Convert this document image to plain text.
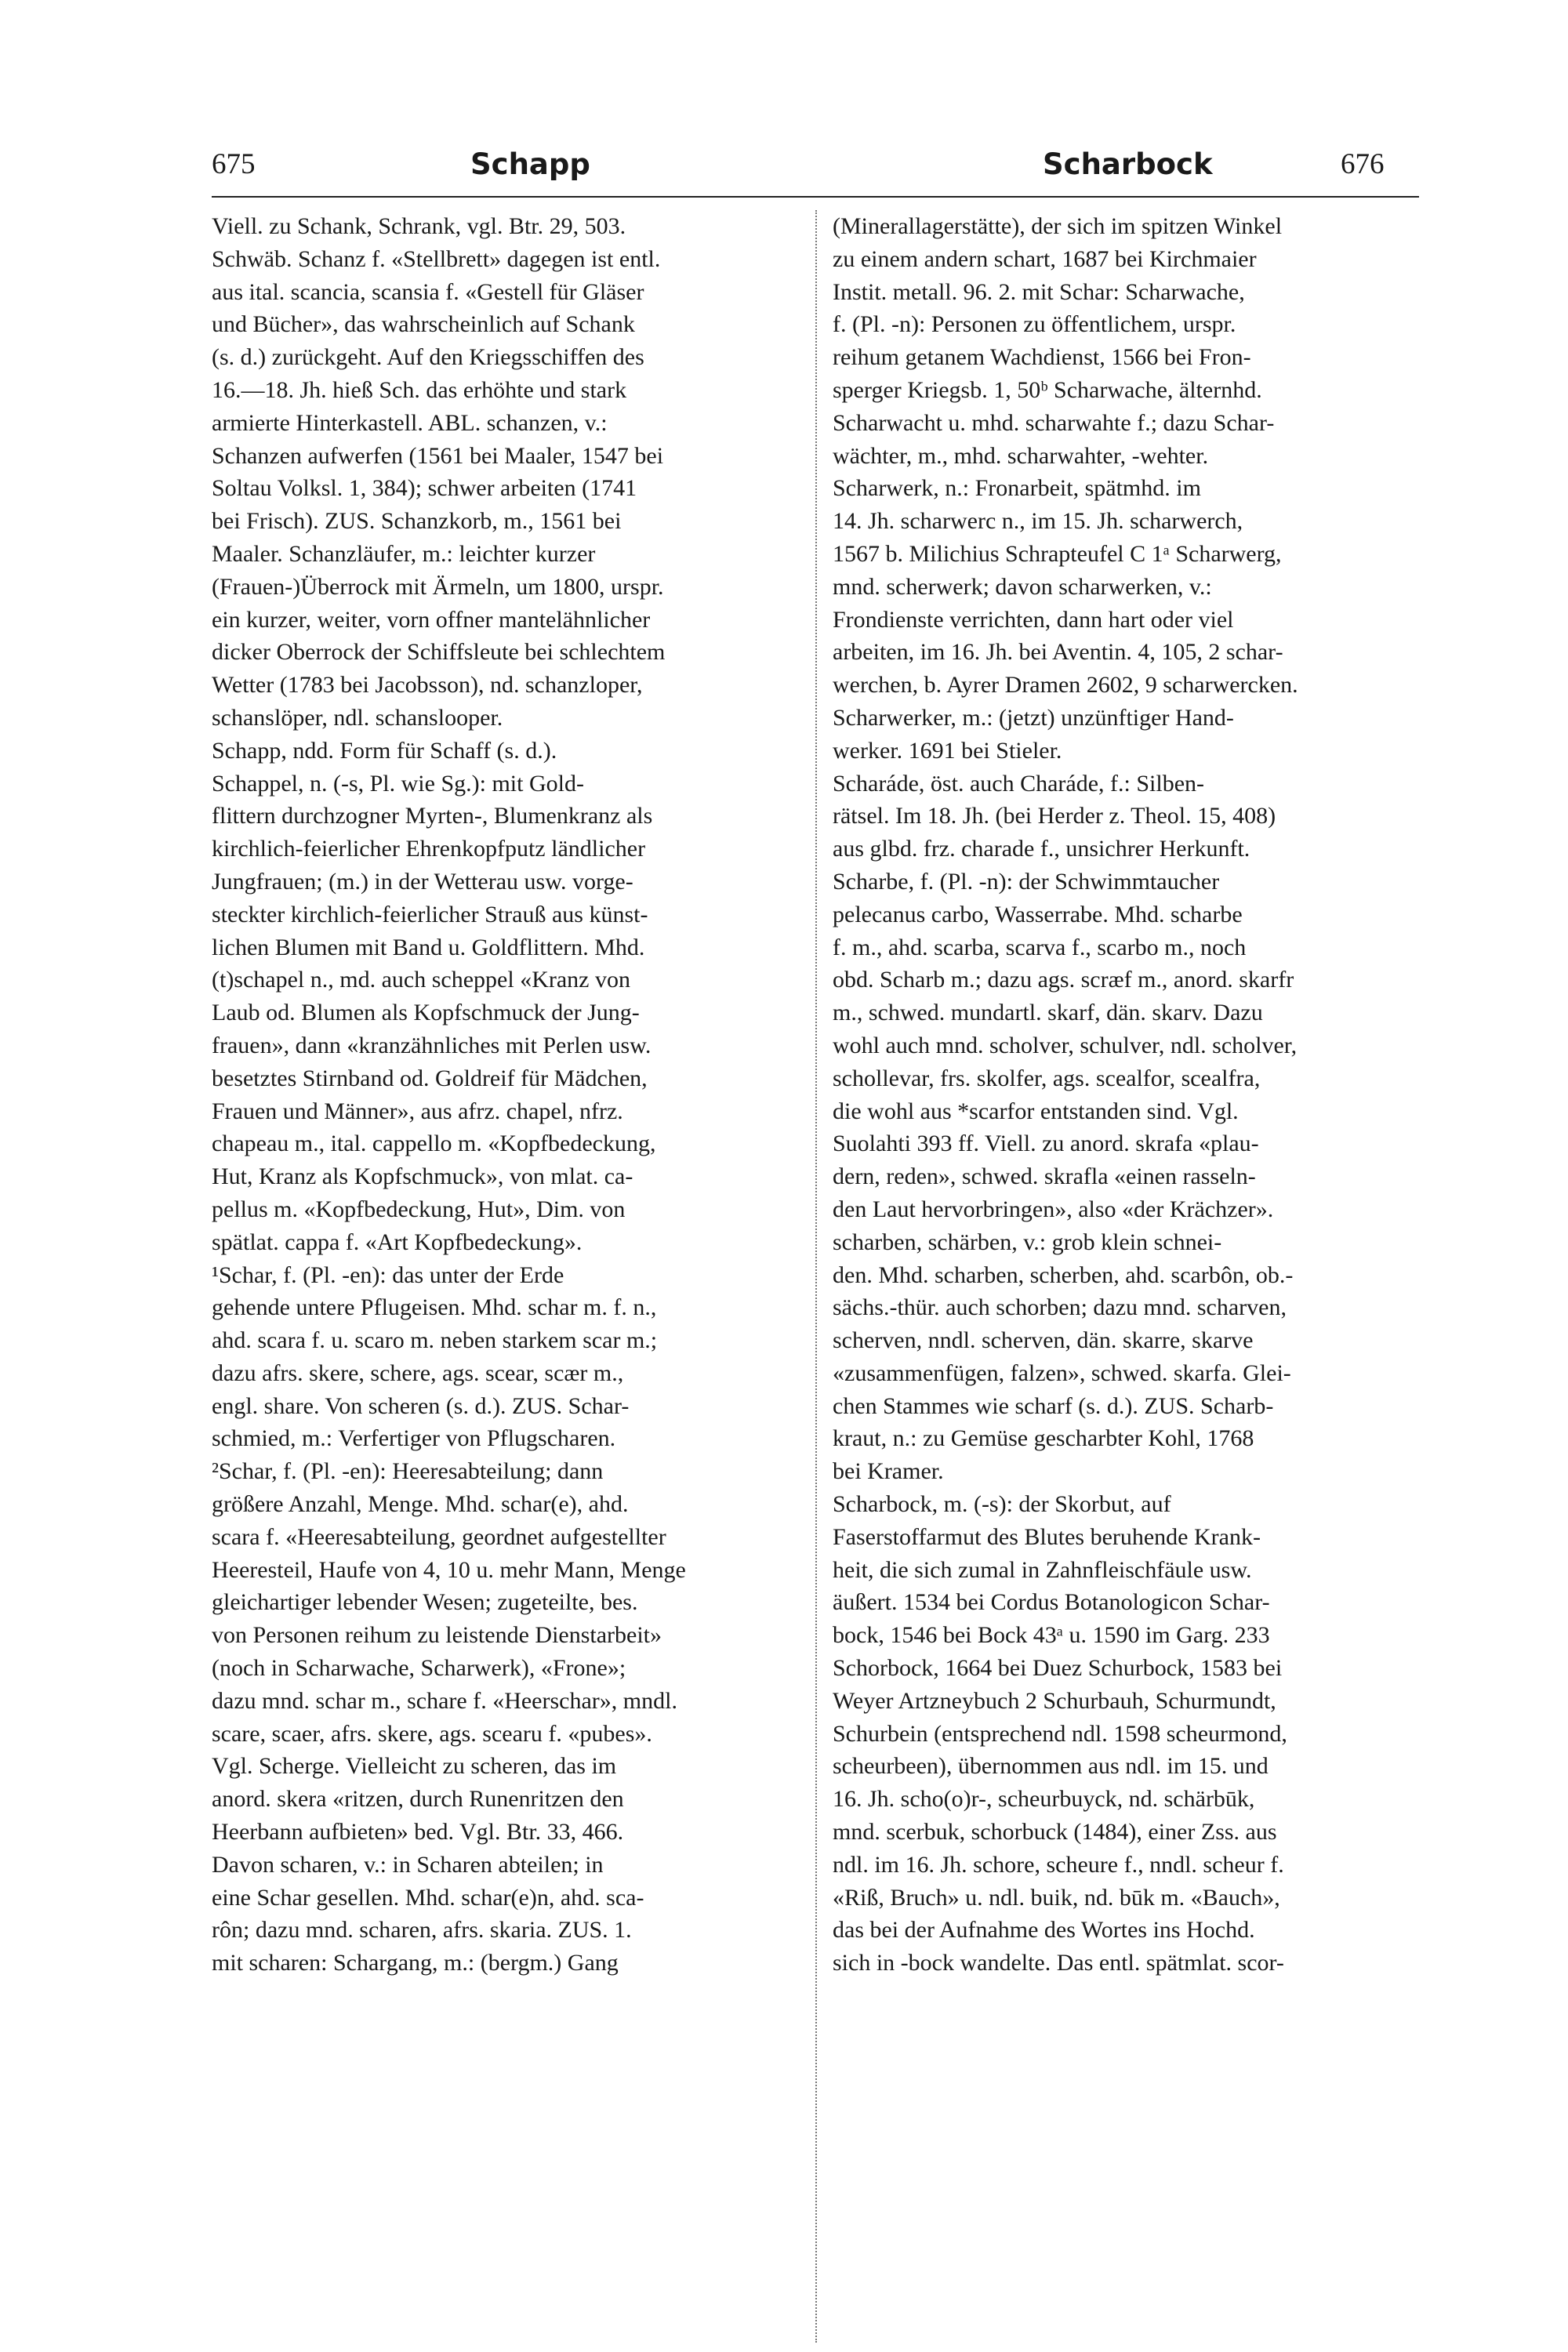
675	Schapp	Scharbock	676
Viell. zu Schank, Schrank, vgl. Btr. 29, 503.
Schwäb. Schanz f. «Stellbrett» dagegen ist entl.
aus ital. scancia, scansia f. «Gestell für Gläser
und Bücher», das wahrscheinlich auf Schank
(s. d.) zurückgeht. Auf den Kriegsschiffen des
16.—18. Jh. hieß Sch. das erhöhte und stark
armierte Hinterkastell. ABL. schanzen, v.:
Schanzen aufwerfen (1561 bei Maaler, 1547 bei
Soltau Volksl. 1, 384); schwer arbeiten (1741
bei Frisch). ZUS. Schanzkorb, m., 1561 bei
Maaler. Schanzläufer, m.: leichter kurzer
(Frauen-)Überrock mit Ärmeln, um 1800, urspr.
ein kurzer, weiter, vorn offner mantelähnlicher
dicker Oberrock der Schiffsleute bei schlechtem
Wetter (1783 bei Jacobsson), nd. schanzloper,
schanslöper, ndl. schanslooper.
Schapp, ndd. Form für Schaff (s. d.).
Schappel, n. (-s, Pl. wie Sg.): mit Gold-
flittern durchzogner Myrten-, Blumenkranz als
kirchlich-feierlicher Ehrenkopfputz ländlicher
Jungfrauen; (m.) in der Wetterau usw. vorge-
steckter kirchlich-feierlicher Strauß aus künst-
lichen Blumen mit Band u. Goldflittern. Mhd.
(t)schapel n., md. auch scheppel «Kranz von
Laub od. Blumen als Kopfschmuck der Jung-
frauen», dann «kranzähnliches mit Perlen usw.
besetztes Stirnband od. Goldreif für Mädchen,
Frauen und Männer», aus afrz. chapel, nfrz.
chapeau m., ital. cappello m. «Kopfbedeckung,
Hut, Kranz als Kopfschmuck», von mlat. ca-
pellus m. «Kopfbedeckung, Hut», Dim. von
spätlat. cappa f. «Art Kopfbedeckung».
¹Schar, f. (Pl. -en): das unter der Erde
gehende untere Pflugeisen. Mhd. schar m. f. n.,
ahd. scara f. u. scaro m. neben starkem scar m.;
dazu afrs. skere, schere, ags. scear, scær m.,
engl. share. Von scheren (s. d.). ZUS. Schar-
schmied, m.: Verfertiger von Pflugscharen.
²Schar, f. (Pl. -en): Heeresabteilung; dann
größere Anzahl, Menge. Mhd. schar(e), ahd.
scara f. «Heeresabteilung, geordnet aufgestellter
Heeresteil, Haufe von 4, 10 u. mehr Mann, Menge
gleichartiger lebender Wesen; zugeteilte, bes.
von Personen reihum zu leistende Dienstarbeit»
(noch in Scharwache, Scharwerk), «Frone»;
dazu mnd. schar m., schare f. «Heerschar», mndl.
scare, scaer, afrs. skere, ags. scearu f. «pubes».
Vgl. Scherge. Vielleicht zu scheren, das im
anord. skera «ritzen, durch Runenritzen den
Heerbann aufbieten» bed. Vgl. Btr. 33, 466.
Davon scharen, v.: in Scharen abteilen; in
eine Schar gesellen. Mhd. schar(e)n, ahd. sca-
rôn; dazu mnd. scharen, afrs. skaria. ZUS. 1.
mit scharen: Schargang, m.: (bergm.) Gang
(Minerallagerstätte), der sich im spitzen Winkel
zu einem andern schart, 1687 bei Kirchmaier
Instit. metall. 96. 2. mit Schar: Scharwache,
f. (Pl. -n): Personen zu öffentlichem, urspr.
reihum getanem Wachdienst, 1566 bei Fron-
sperger Kriegsb. 1, 50ᵇ Scharwache, älternhd.
Scharwacht u. mhd. scharwahte f.; dazu Schar-
wächter, m., mhd. scharwahter, -wehter.
Scharwerk, n.: Fronarbeit, spätmhd. im
14. Jh. scharwerc n., im 15. Jh. scharwerch,
1567 b. Milichius Schrapteufel C 1ᵃ Scharwerg,
mnd. scherwerk; davon scharwerken, v.:
Frondienste verrichten, dann hart oder viel
arbeiten, im 16. Jh. bei Aventin. 4, 105, 2 schar-
werchen, b. Ayrer Dramen 2602, 9 scharwercken.
Scharwerker, m.: (jetzt) unzünftiger Hand-
werker. 1691 bei Stieler.
Scharáde, öst. auch Charáde, f.: Silben-
rätsel. Im 18. Jh. (bei Herder z. Theol. 15, 408)
aus glbd. frz. charade f., unsichrer Herkunft.
Scharbe, f. (Pl. -n): der Schwimmtaucher
pelecanus carbo, Wasserrabe. Mhd. scharbe
f. m., ahd. scarba, scarva f., scarbo m., noch
obd. Scharb m.; dazu ags. scræf m., anord. skarfr
m., schwed. mundartl. skarf, dän. skarv. Dazu
wohl auch mnd. scholver, schulver, ndl. scholver,
schollevar, frs. skolfer, ags. scealfor, scealfra,
die wohl aus *scarfor entstanden sind. Vgl.
Suolahti 393 ff. Viell. zu anord. skrafa «plau-
dern, reden», schwed. skrafla «einen rasseln-
den Laut hervorbringen», also «der Krächzer».
scharben, schärben, v.: grob klein schnei-
den. Mhd. scharben, scherben, ahd. scarbôn, ob.-
sächs.-thür. auch schorben; dazu mnd. scharven,
scherven, nndl. scherven, dän. skarre, skarve
«zusammenfügen, falzen», schwed. skarfa. Glei-
chen Stammes wie scharf (s. d.). ZUS. Scharb-
kraut, n.: zu Gemüse gescharbter Kohl, 1768
bei Kramer.
Scharbock, m. (-s): der Skorbut, auf
Faserstoffarmut des Blutes beruhende Krank-
heit, die sich zumal in Zahnfleischfäule usw.
äußert. 1534 bei Cordus Botanologicon Schar-
bock, 1546 bei Bock 43ᵃ u. 1590 im Garg. 233
Schorbock, 1664 bei Duez Schurbock, 1583 bei
Weyer Artzneybuch 2 Schurbauh, Schurmundt,
Schurbein (entsprechend ndl. 1598 scheurmond,
scheurbeen), übernommen aus ndl. im 15. und
16. Jh. scho(o)r-, scheurbuyck, nd. schärbūk,
mnd. scerbuk, schorbuck (1484), einer Zss. aus
ndl. im 16. Jh. schore, scheure f., nndl. scheur f.
«Riß, Bruch» u. ndl. buik, nd. būk m. «Bauch»,
das bei der Aufnahme des Wortes ins Hochd.
sich in -bock wandelte. Das entl. spätmlat. scor-
